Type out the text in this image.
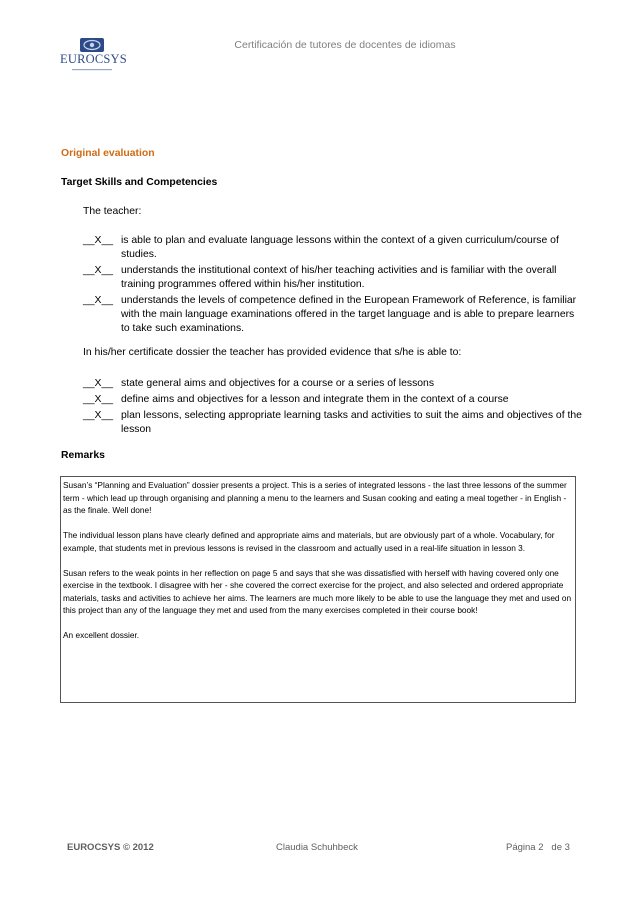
EUROCSYS
Certificación de tutores de docentes de idiomas
Original evaluation
Target Skills and Competencies
The teacher:
__X__ is able to plan and evaluate language lessons within the context of a given curriculum/course of studies.
__X__ understands the institutional context of his/her teaching activities and is familiar with the overall training programmes offered within his/her institution.
__X__ understands the levels of competence defined in the European Framework of Reference, is familiar with the main language examinations offered in the target language and is able to prepare learners to take such examinations.
In his/her certificate dossier the teacher has provided evidence that s/he is able to:
__X__ state general aims and objectives for a course or a series of lessons
__X__ define aims and objectives for a lesson and integrate them in the context of a course
__X__ plan lessons, selecting appropriate learning tasks and activities to suit the aims and objectives of the lesson
Remarks

Susan’s “Planning and Evaluation” dossier presents a project. This is a series of integrated lessons - the last three lessons of the summer term - which lead up through organising and planning a menu to the learners and Susan cooking and eating a meal together - in English - as the finale. Well done!

The individual lesson plans have clearly defined and appropriate aims and materials, but are obviously part of a whole. Vocabulary, for example, that students met in previous lessons is revised in the classroom and actually used in a real-life situation in lesson 3.

Susan refers to the weak points in her reflection on page 5 and says that she was dissatisfied with herself with having covered only one exercise in the textbook. I disagree with her - she covered the correct exercise for the project, and also selected and ordered appropriate materials, tasks and activities to achieve her aims. The learners are much more likely to be able to use the language they met and used on this project than any of the language they met and used from the many exercises completed in their course book!

An excellent dossier.

EUROCSYS © 2012	Claudia Schuhbeck	Página 2   de 3
